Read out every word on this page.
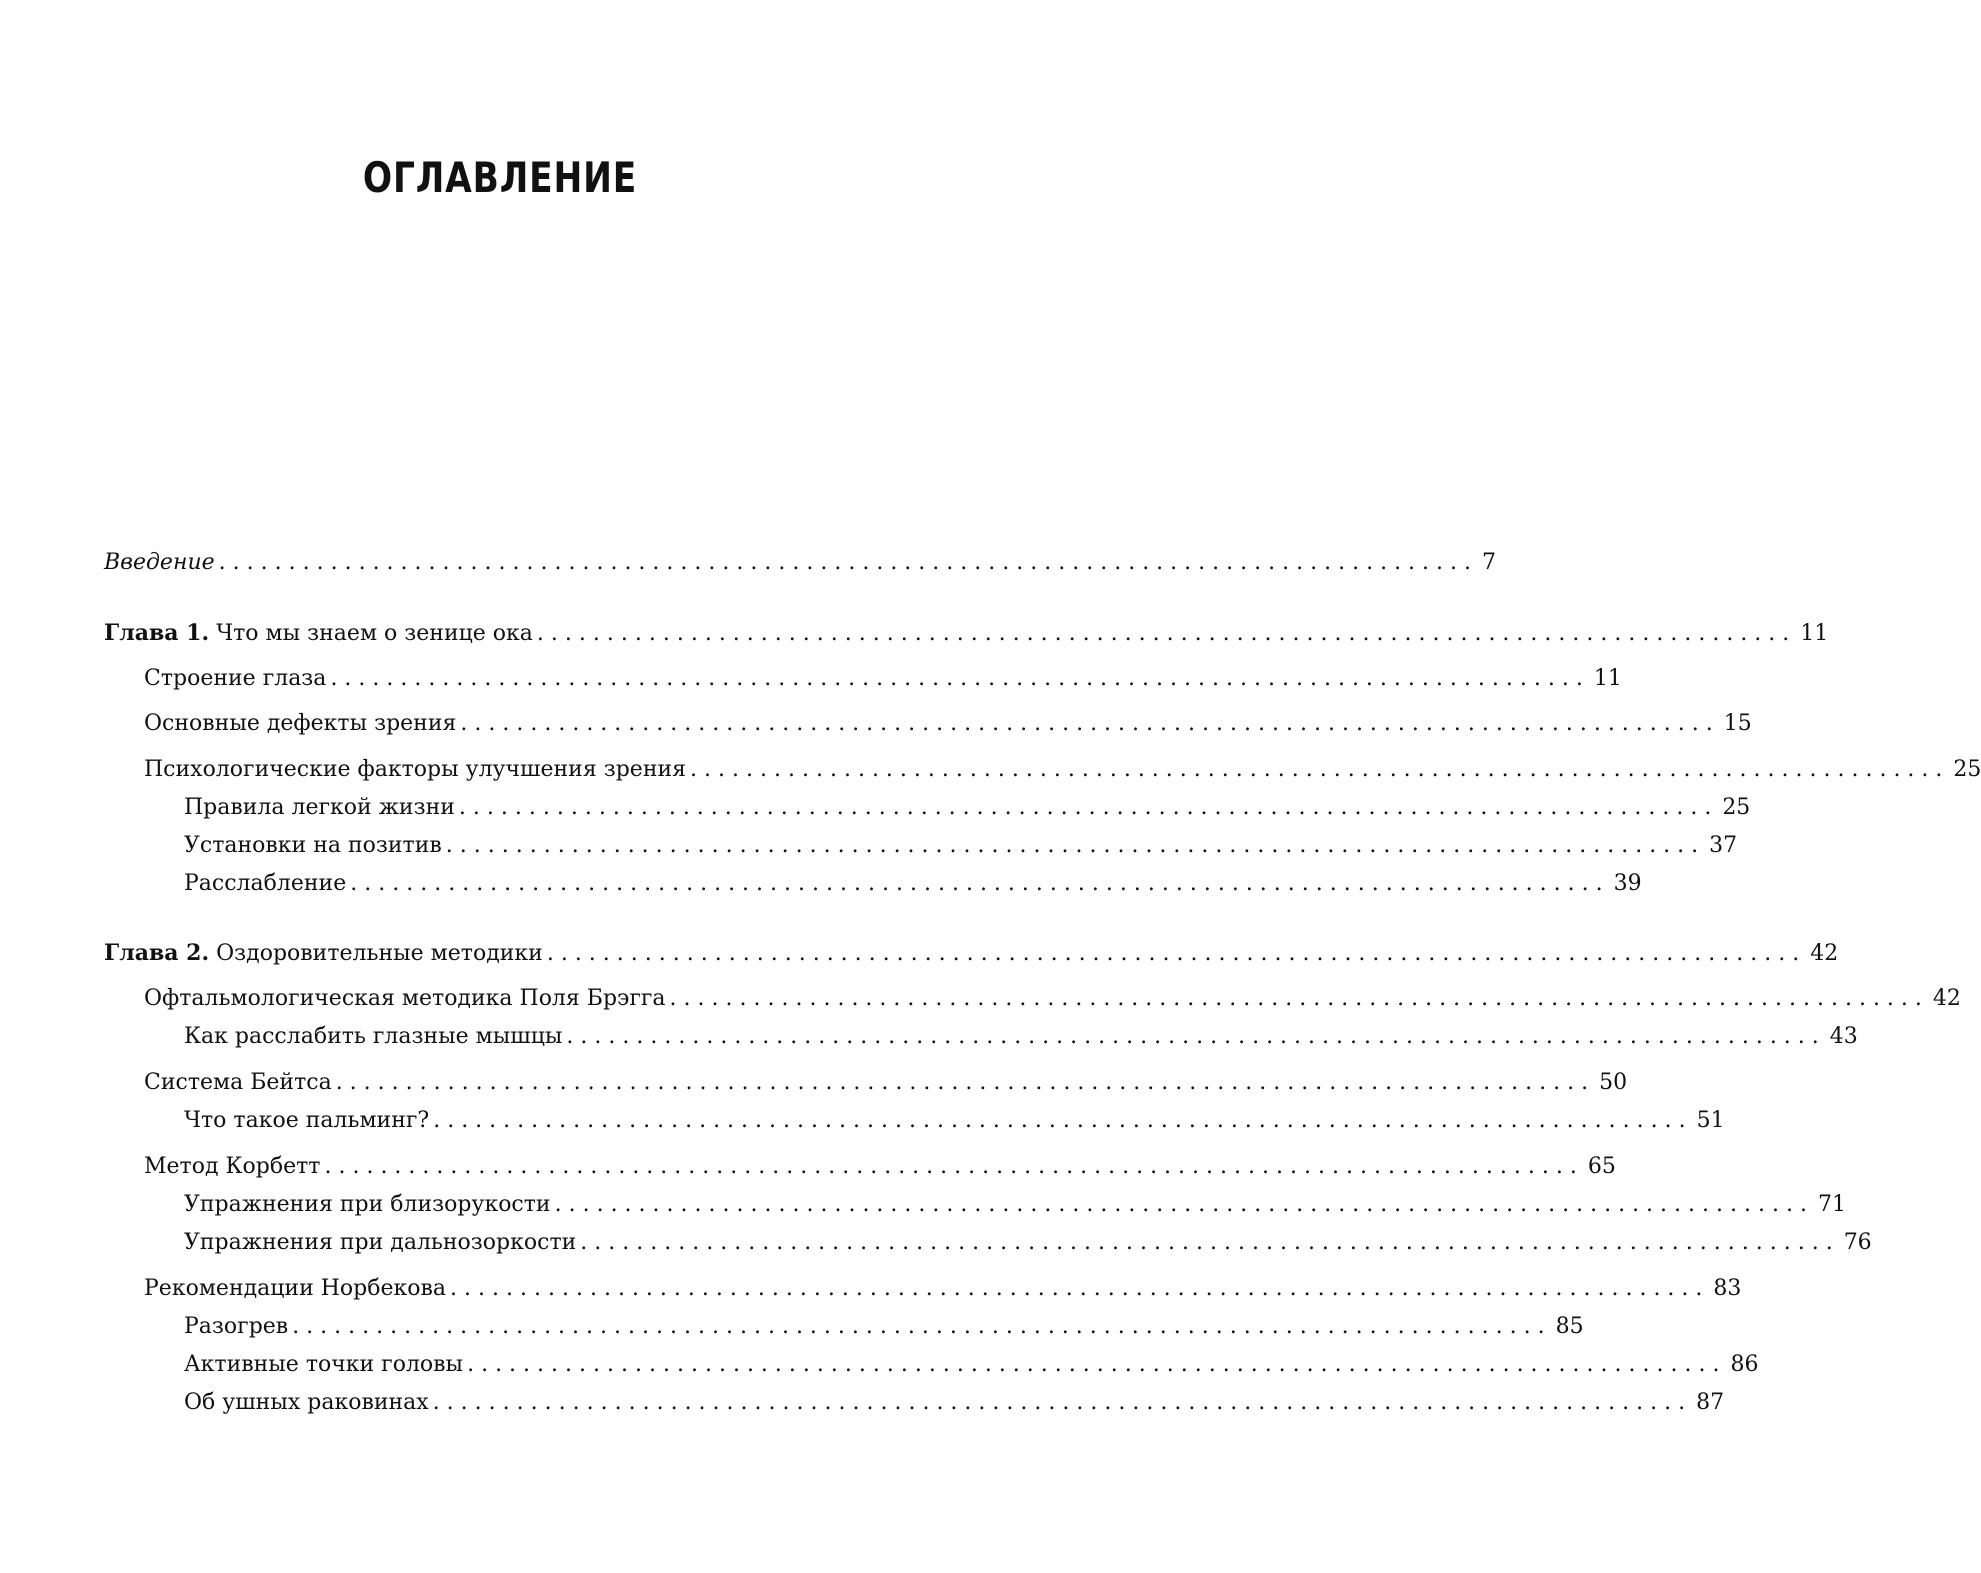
ОГЛАВЛЕНИЕ
Введение .......................................................................................... 7
Глава 1. Что мы знаем о зенице ока .......................................................................................... 11
Строение глаза .......................................................................................... 11
Основные дефекты зрения .......................................................................................... 15
Психологические факторы улучшения зрения .......................................................................................... 25
Правила легкой жизни .......................................................................................... 25
Установки на позитив .......................................................................................... 37
Расслабление .......................................................................................... 39
Глава 2. Оздоровительные методики .......................................................................................... 42
Офтальмологическая методика Поля Брэгга .......................................................................................... 42
Как расслабить глазные мышцы .......................................................................................... 43
Система Бейтса .......................................................................................... 50
Что такое пальминг? .......................................................................................... 51
Метод Корбетт .......................................................................................... 65
Упражнения при близорукости .......................................................................................... 71
Упражнения при дальнозоркости .......................................................................................... 76
Рекомендации Норбекова .......................................................................................... 83
Разогрев .......................................................................................... 85
Активные точки головы .......................................................................................... 86
Об ушных раковинах .......................................................................................... 87
